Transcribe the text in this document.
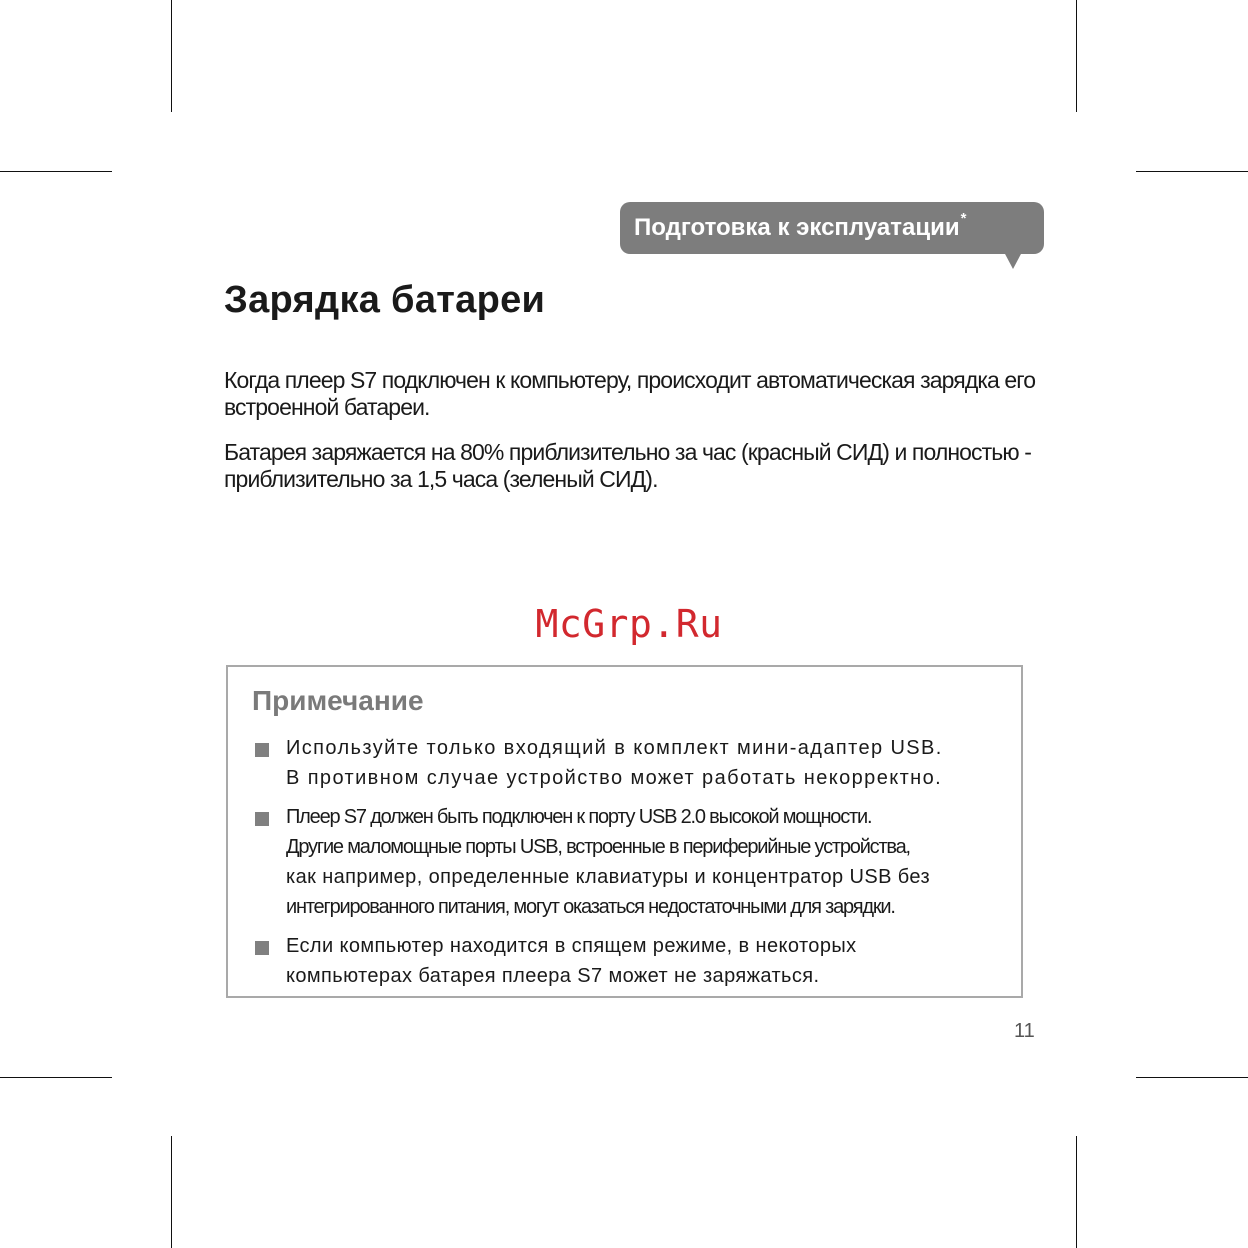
Подготовка к эксплуатации*
Зарядка батареи

Когда плеер S7 подключен к компьютеру, происходит автоматическая зарядка его встроенной батареи.

Батарея заряжается на 80% приблизительно за час (красный СИД) и полностью - приблизительно за 1,5 часа (зеленый СИД).

McGrp.Ru
Примечание
Используйте только входящий в комплект мини-адаптер USB.
В противном случае устройство может работать некорректно.
Плеер S7 должен быть подключен к порту USB 2.0 высокой мощности.
Другие маломощные порты USB, встроенные в периферийные устройства,
как например, определенные клавиатуры и концентратор USB без
интегрированного питания, могут оказаться недостаточными для зарядки.
Если компьютер находится в спящем режиме, в некоторых
компьютерах батарея плеера S7 может не заряжаться.
11
